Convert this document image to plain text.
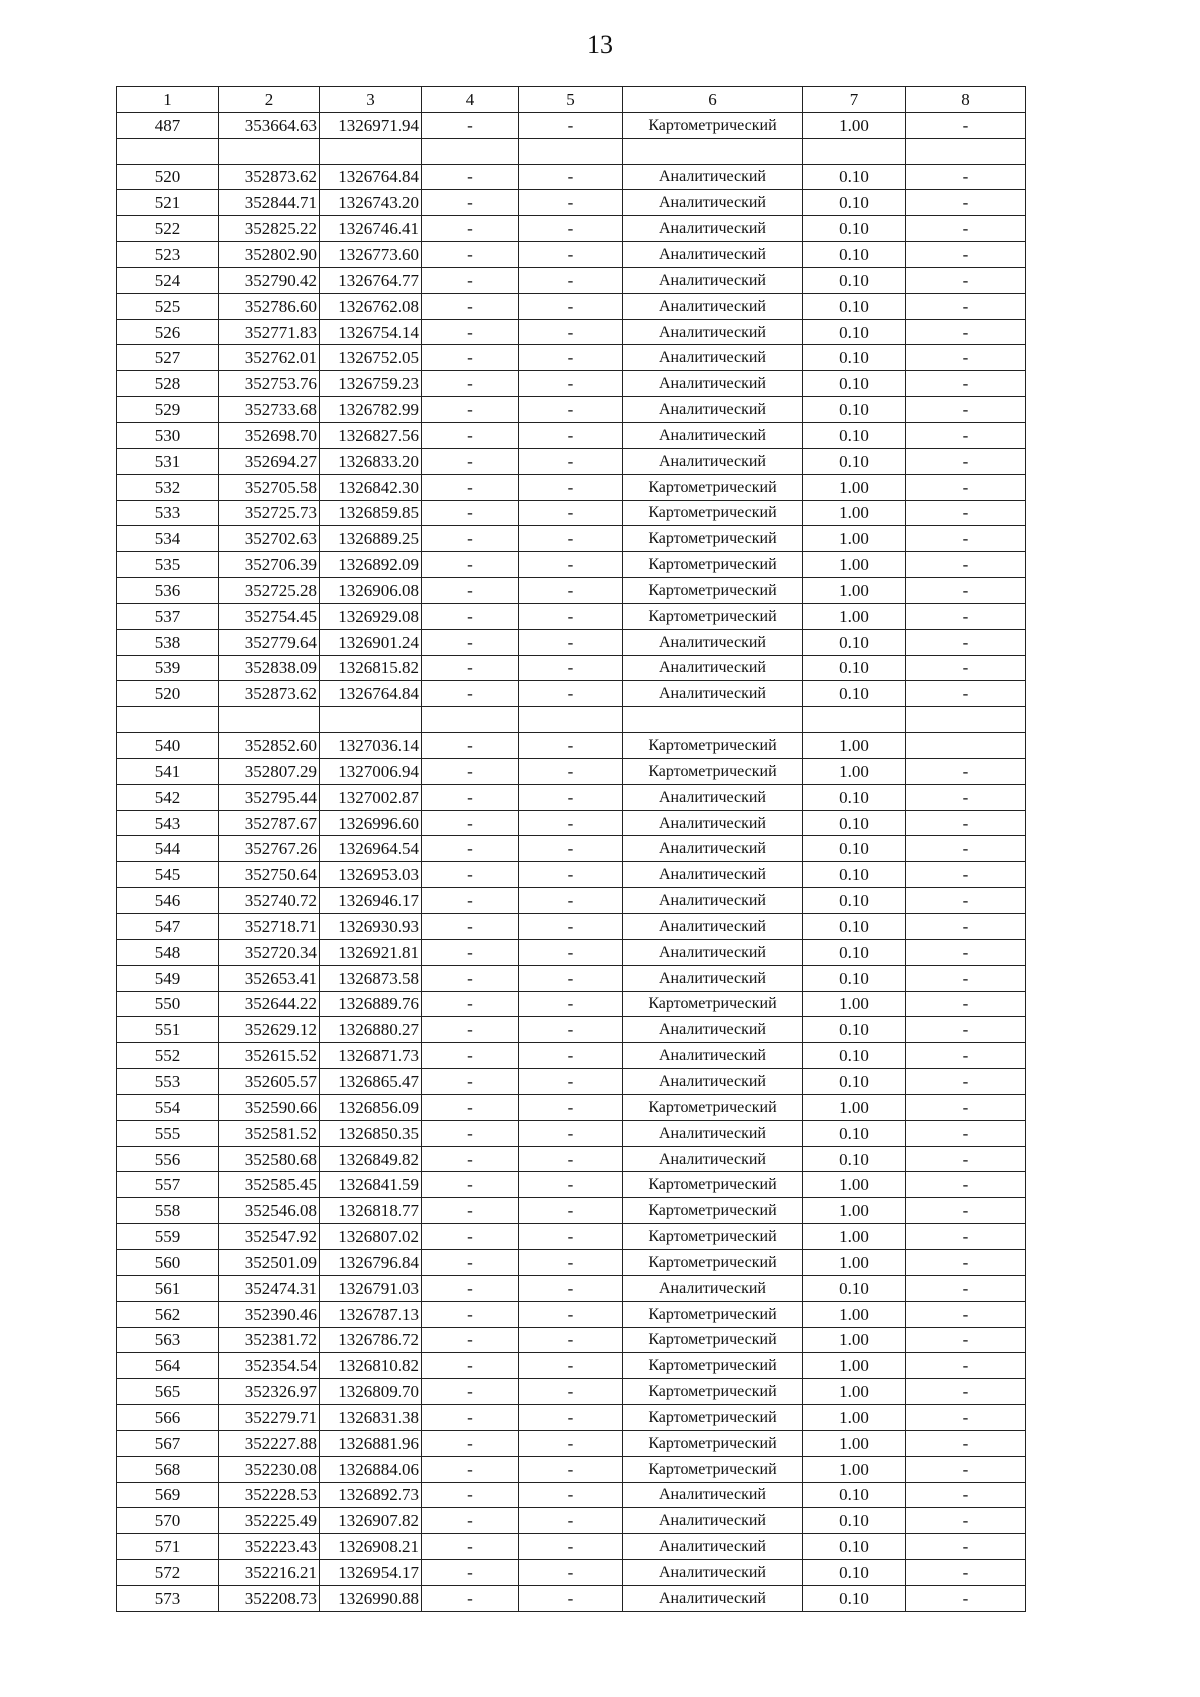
13
1	2	3	4	5	6	7	8
487	353664.63	1326971.94	-	-	Картометрический	1.00	-

520	352873.62	1326764.84	-	-	Аналитический	0.10	-
521	352844.71	1326743.20	-	-	Аналитический	0.10	-
522	352825.22	1326746.41	-	-	Аналитический	0.10	-
523	352802.90	1326773.60	-	-	Аналитический	0.10	-
524	352790.42	1326764.77	-	-	Аналитический	0.10	-
525	352786.60	1326762.08	-	-	Аналитический	0.10	-
526	352771.83	1326754.14	-	-	Аналитический	0.10	-
527	352762.01	1326752.05	-	-	Аналитический	0.10	-
528	352753.76	1326759.23	-	-	Аналитический	0.10	-
529	352733.68	1326782.99	-	-	Аналитический	0.10	-
530	352698.70	1326827.56	-	-	Аналитический	0.10	-
531	352694.27	1326833.20	-	-	Аналитический	0.10	-
532	352705.58	1326842.30	-	-	Картометрический	1.00	-
533	352725.73	1326859.85	-	-	Картометрический	1.00	-
534	352702.63	1326889.25	-	-	Картометрический	1.00	-
535	352706.39	1326892.09	-	-	Картометрический	1.00	-
536	352725.28	1326906.08	-	-	Картометрический	1.00	-
537	352754.45	1326929.08	-	-	Картометрический	1.00	-
538	352779.64	1326901.24	-	-	Аналитический	0.10	-
539	352838.09	1326815.82	-	-	Аналитический	0.10	-
520	352873.62	1326764.84	-	-	Аналитический	0.10	-

540	352852.60	1327036.14	-	-	Картометрический	1.00	
541	352807.29	1327006.94	-	-	Картометрический	1.00	-
542	352795.44	1327002.87	-	-	Аналитический	0.10	-
543	352787.67	1326996.60	-	-	Аналитический	0.10	-
544	352767.26	1326964.54	-	-	Аналитический	0.10	-
545	352750.64	1326953.03	-	-	Аналитический	0.10	-
546	352740.72	1326946.17	-	-	Аналитический	0.10	-
547	352718.71	1326930.93	-	-	Аналитический	0.10	-
548	352720.34	1326921.81	-	-	Аналитический	0.10	-
549	352653.41	1326873.58	-	-	Аналитический	0.10	-
550	352644.22	1326889.76	-	-	Картометрический	1.00	-
551	352629.12	1326880.27	-	-	Аналитический	0.10	-
552	352615.52	1326871.73	-	-	Аналитический	0.10	-
553	352605.57	1326865.47	-	-	Аналитический	0.10	-
554	352590.66	1326856.09	-	-	Картометрический	1.00	-
555	352581.52	1326850.35	-	-	Аналитический	0.10	-
556	352580.68	1326849.82	-	-	Аналитический	0.10	-
557	352585.45	1326841.59	-	-	Картометрический	1.00	-
558	352546.08	1326818.77	-	-	Картометрический	1.00	-
559	352547.92	1326807.02	-	-	Картометрический	1.00	-
560	352501.09	1326796.84	-	-	Картометрический	1.00	-
561	352474.31	1326791.03	-	-	Аналитический	0.10	-
562	352390.46	1326787.13	-	-	Картометрический	1.00	-
563	352381.72	1326786.72	-	-	Картометрический	1.00	-
564	352354.54	1326810.82	-	-	Картометрический	1.00	-
565	352326.97	1326809.70	-	-	Картометрический	1.00	-
566	352279.71	1326831.38	-	-	Картометрический	1.00	-
567	352227.88	1326881.96	-	-	Картометрический	1.00	-
568	352230.08	1326884.06	-	-	Картометрический	1.00	-
569	352228.53	1326892.73	-	-	Аналитический	0.10	-
570	352225.49	1326907.82	-	-	Аналитический	0.10	-
571	352223.43	1326908.21	-	-	Аналитический	0.10	-
572	352216.21	1326954.17	-	-	Аналитический	0.10	-
573	352208.73	1326990.88	-	-	Аналитический	0.10	-
